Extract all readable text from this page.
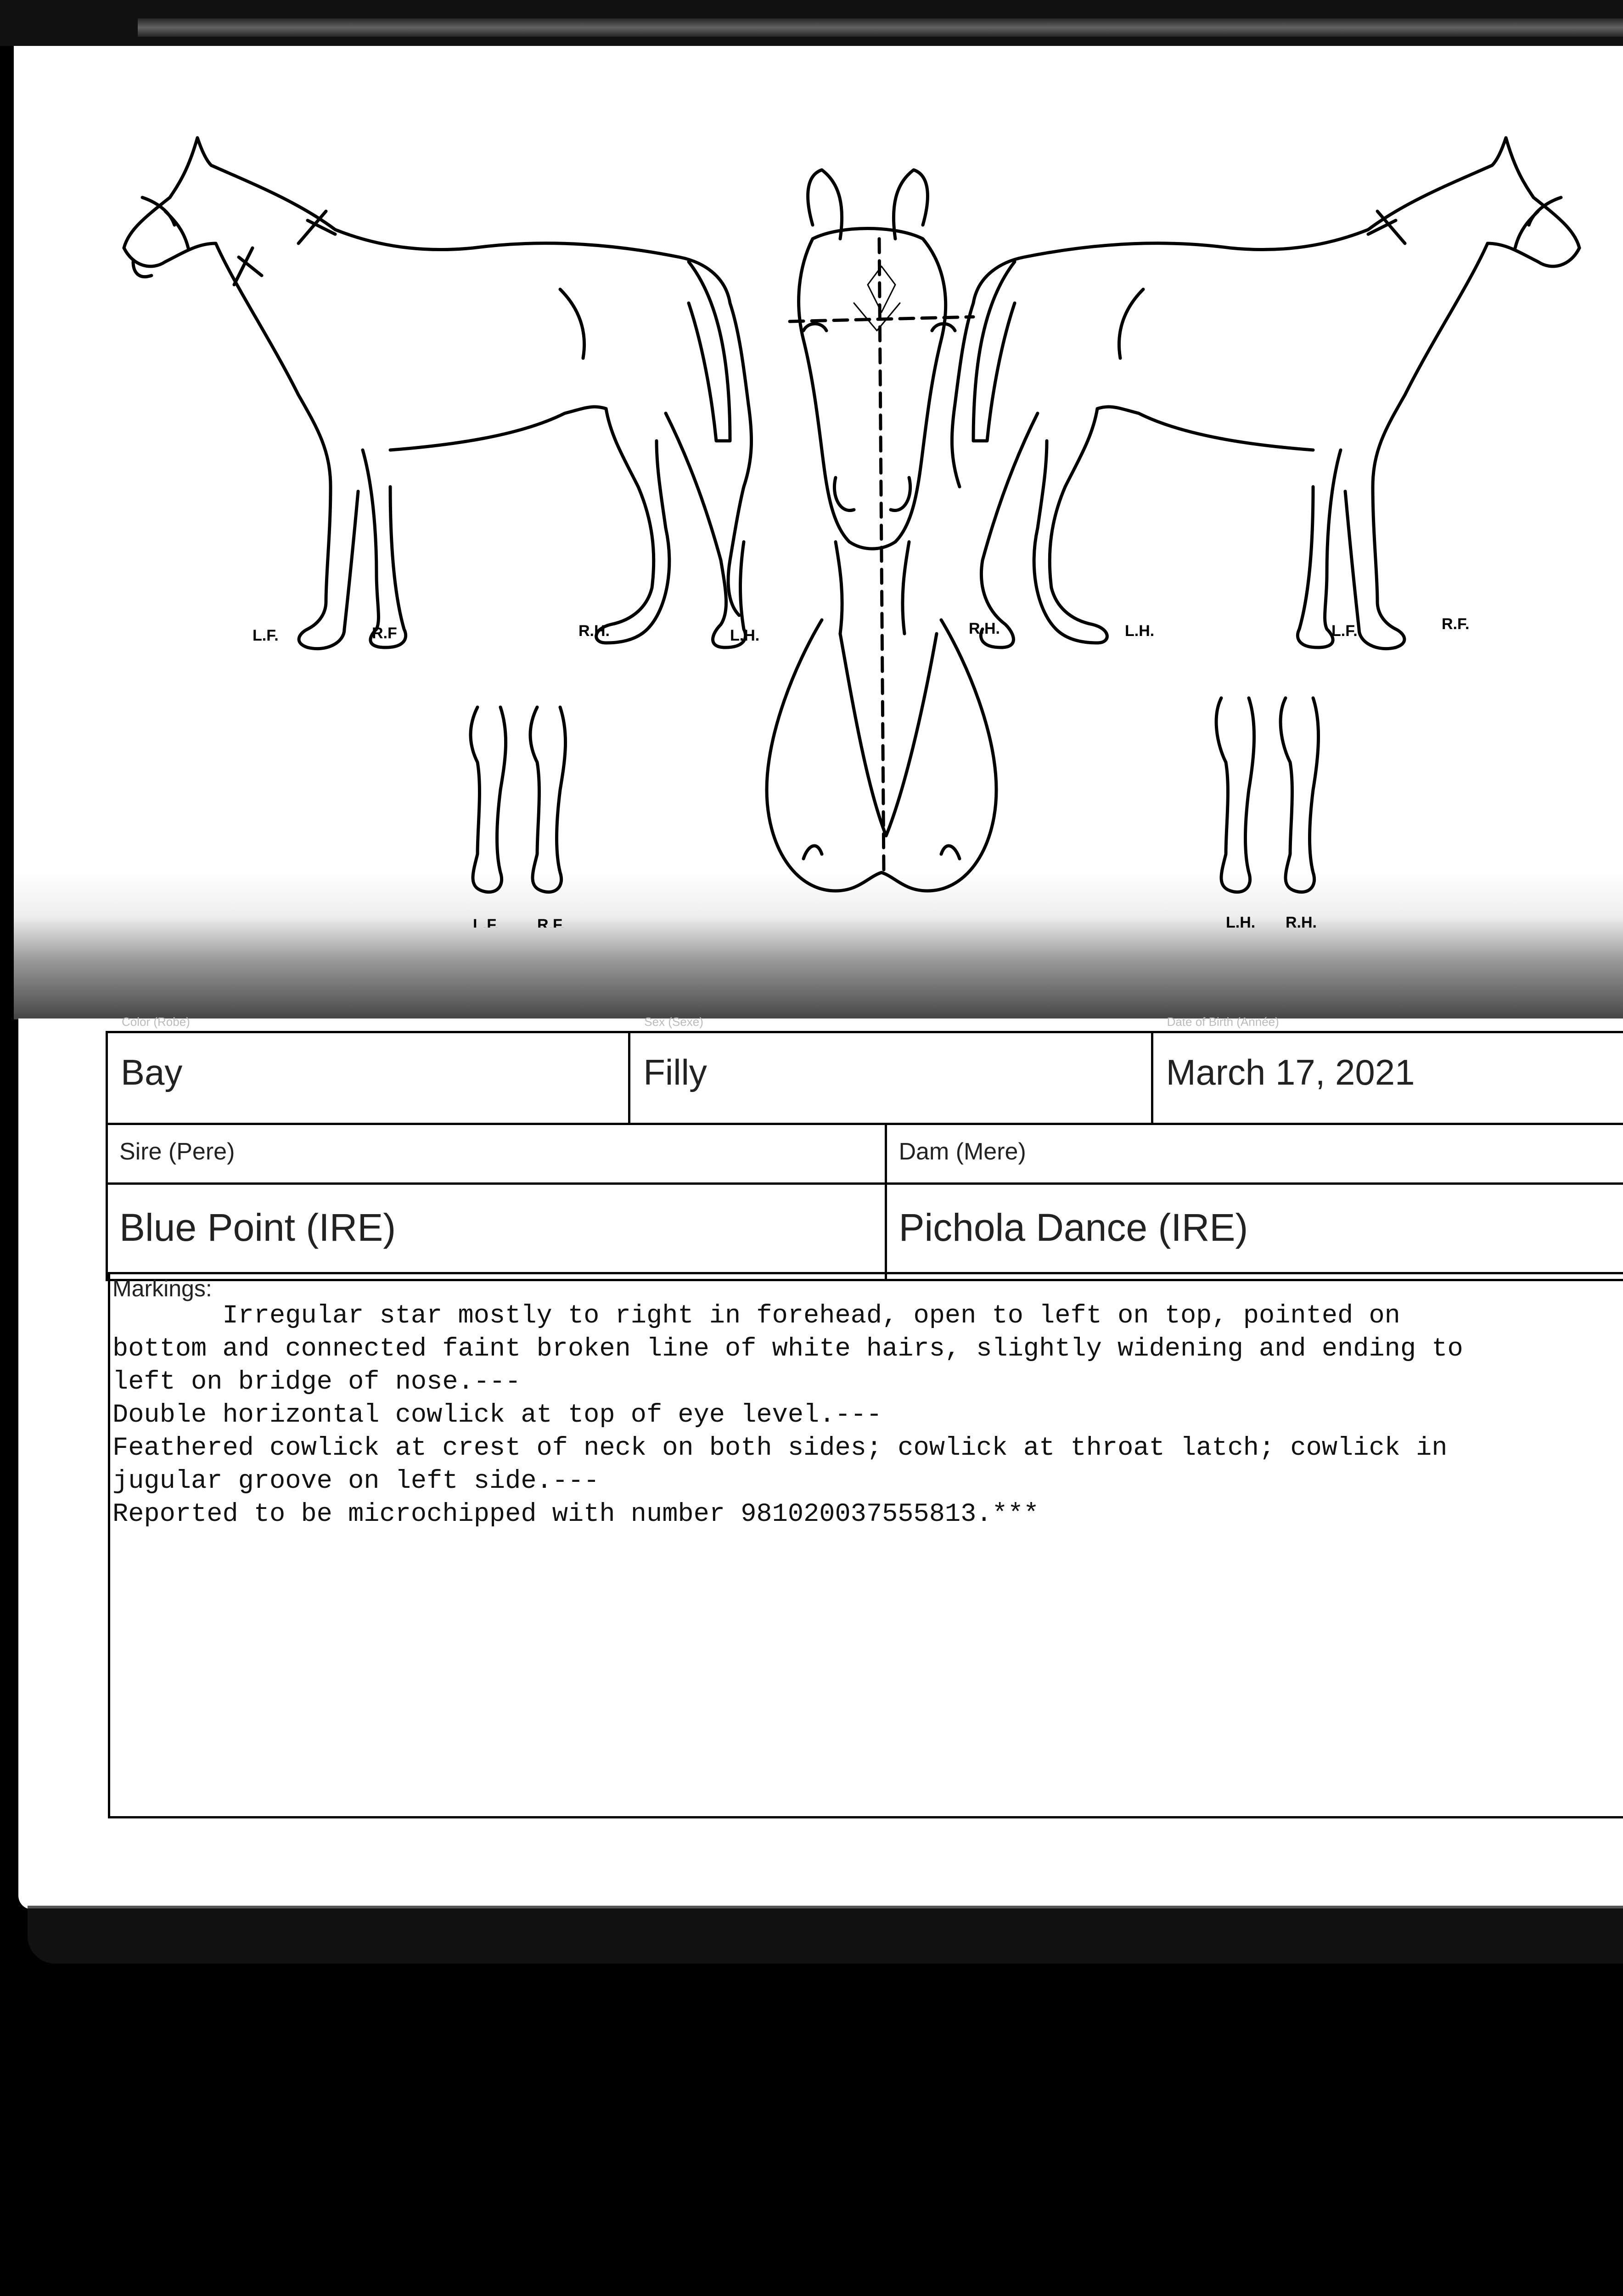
L.F.	R.F	R.H.	L.H.	R.H.	L.H.	L.F.	R.F.
L.F. R.F.	L.H. R.H.
Color (Robe)
Bay
Sex (Sexe)
Filly
Date of Birth (Année)
March 17, 2021
Sire (Pere)	Dam (Mere)
Blue Point (IRE)	Pichola Dance (IRE)
Markings:
Irregular star mostly to right in forehead, open to left on top, pointed on
bottom and connected faint broken line of white hairs, slightly widening and ending to
left on bridge of nose.---
Double horizontal cowlick at top of eye level.---
Feathered cowlick at crest of neck on both sides; cowlick at throat latch; cowlick in
jugular groove on left side.---
Reported to be microchipped with number 981020037555813.***
